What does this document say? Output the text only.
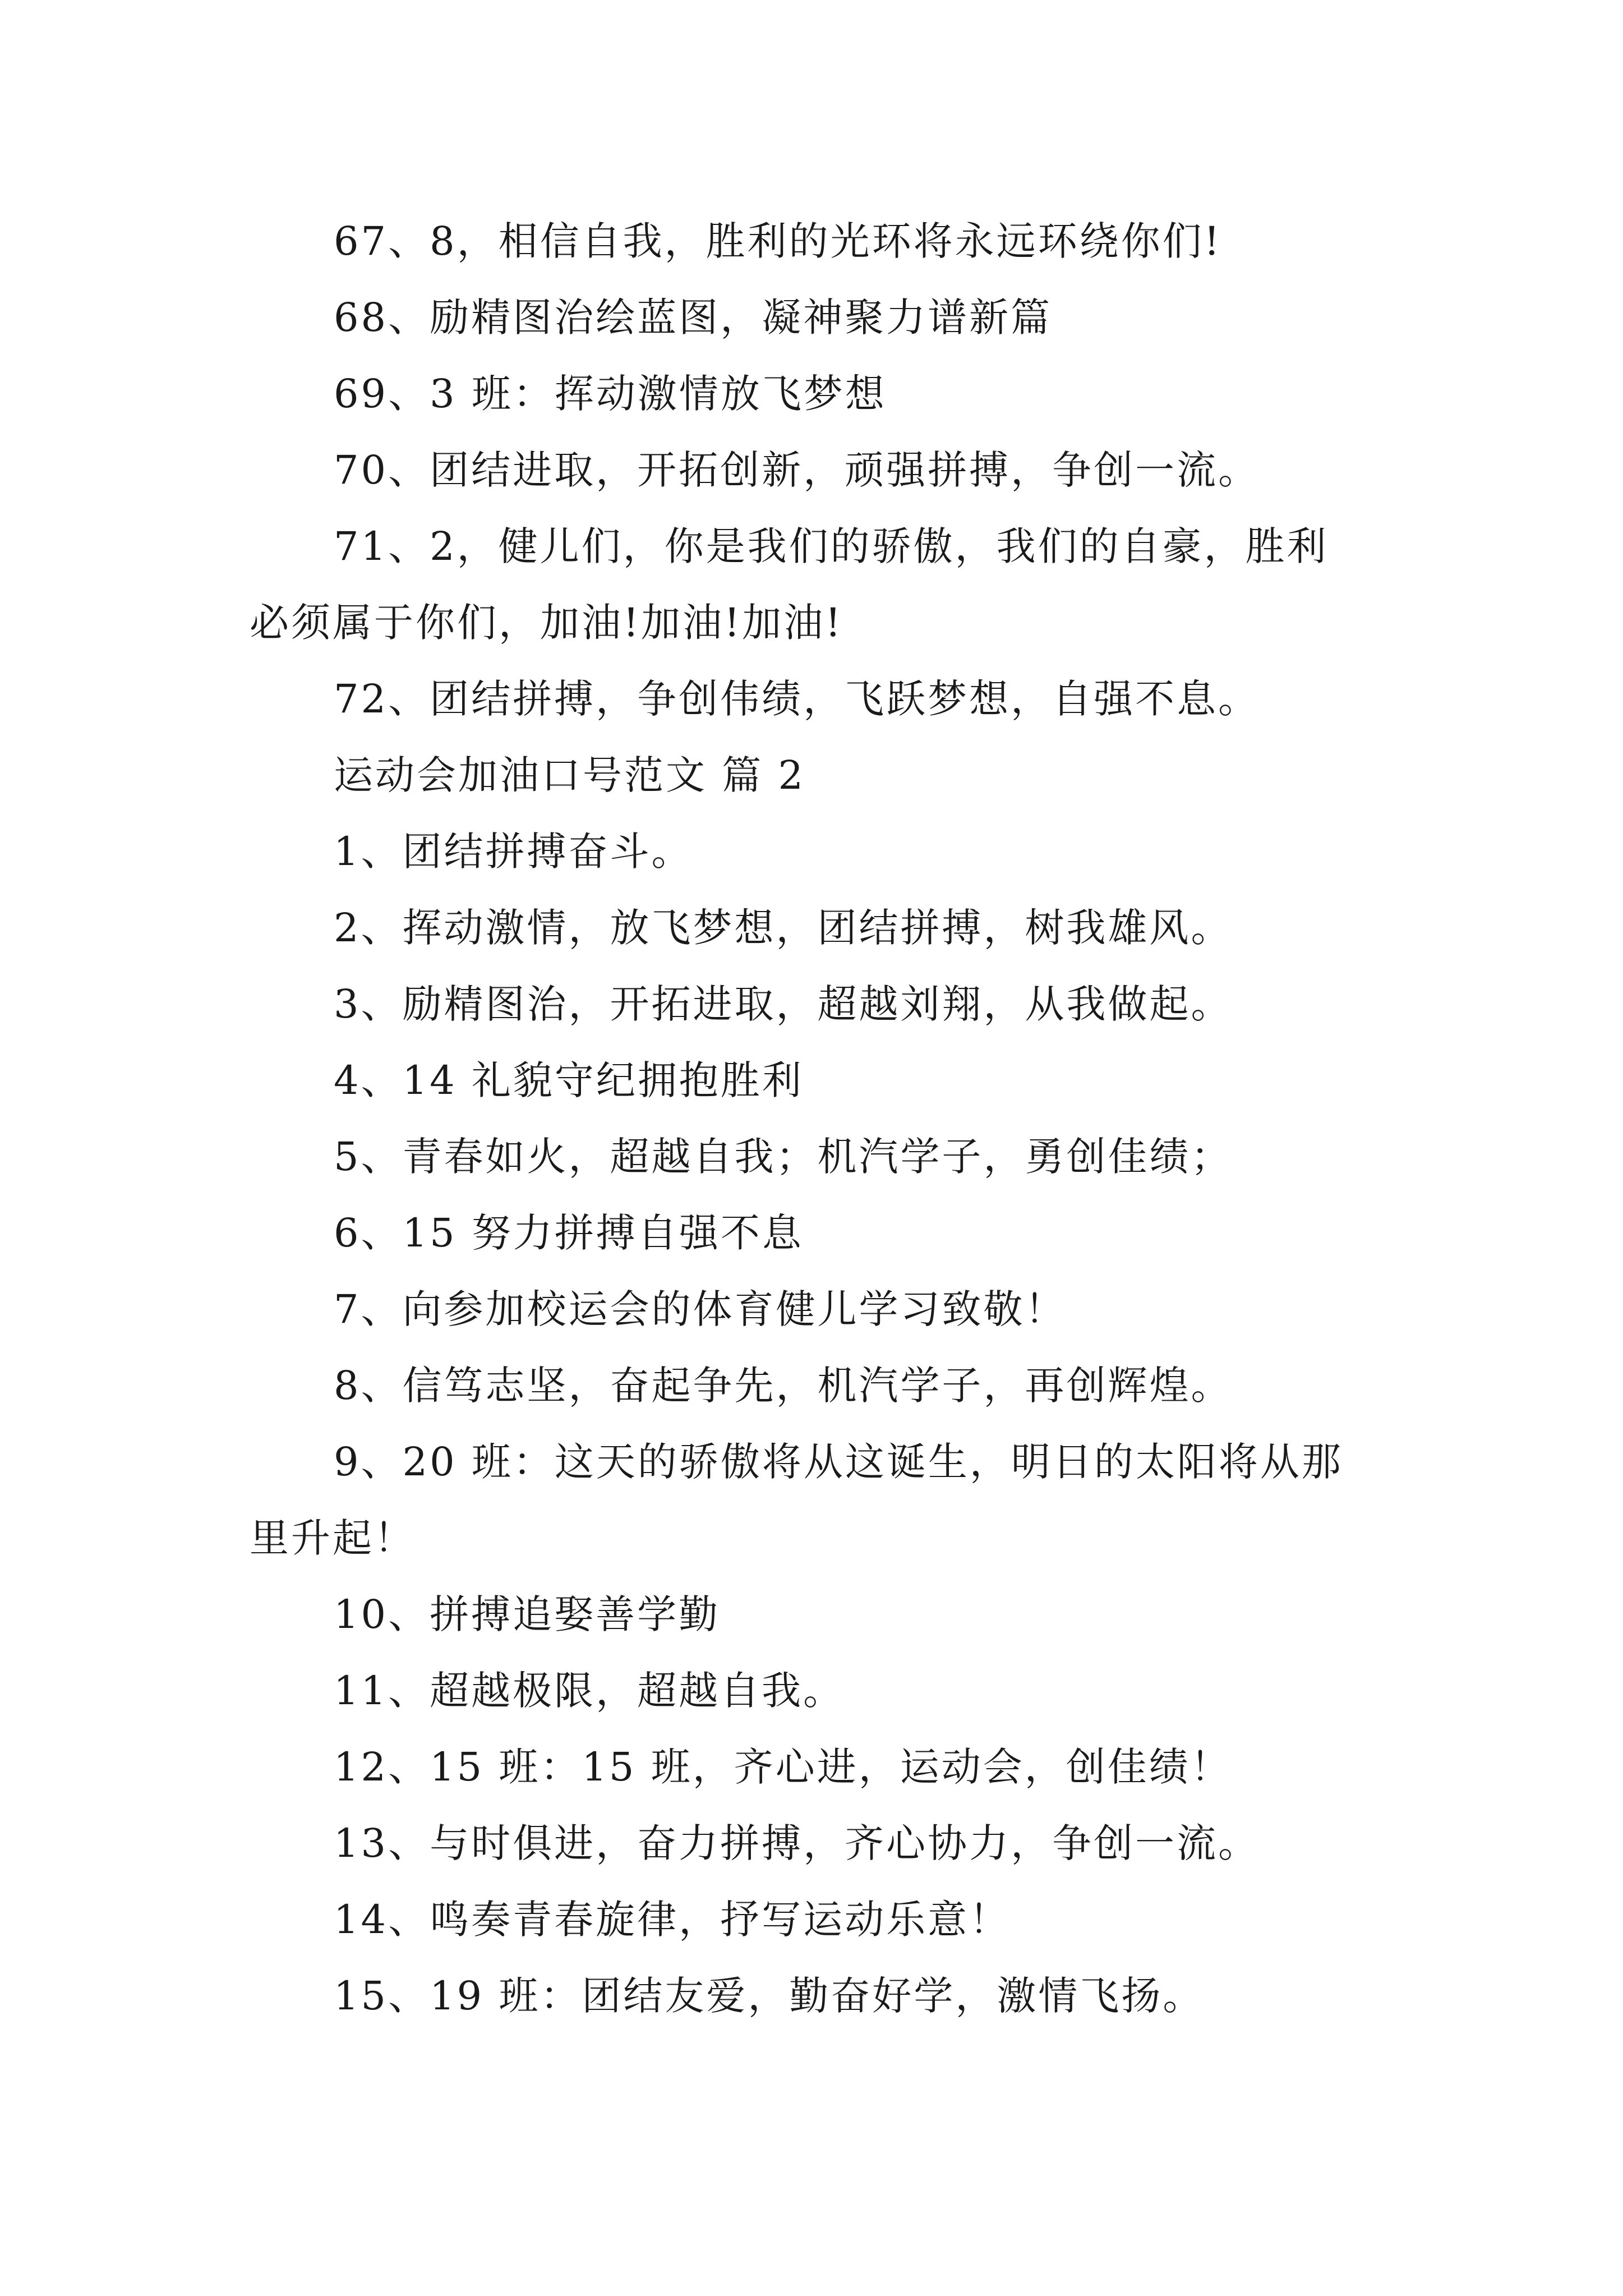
67、8，相信自我，胜利的光环将永远环绕你们!
68、励精图治绘蓝图，凝神聚力谱新篇
69、3 班：挥动激情放飞梦想
70、团结进取，开拓创新，顽强拼搏，争创一流。
71、2，健儿们，你是我们的骄傲，我们的自豪，胜利
必须属于你们，加油!加油!加油!
72、团结拼搏，争创伟绩，飞跃梦想，自强不息。
运动会加油口号范文 篇 2
1、团结拼搏奋斗。
2、挥动激情，放飞梦想，团结拼搏，树我雄风。
3、励精图治，开拓进取，超越刘翔，从我做起。
4、14 礼貌守纪拥抱胜利
5、青春如火，超越自我；机汽学子，勇创佳绩；
6、15 努力拼搏自强不息
7、向参加校运会的体育健儿学习致敬！
8、信笃志坚，奋起争先，机汽学子，再创辉煌。
9、20 班：这天的骄傲将从这诞生，明日的太阳将从那
里升起！
10、拼搏追娶善学勤
11、超越极限，超越自我。
12、15 班：15 班，齐心进，运动会，创佳绩！
13、与时俱进，奋力拼搏，齐心协力，争创一流。
14、鸣奏青春旋律，抒写运动乐意！
15、19 班：团结友爱，勤奋好学，激情飞扬。
